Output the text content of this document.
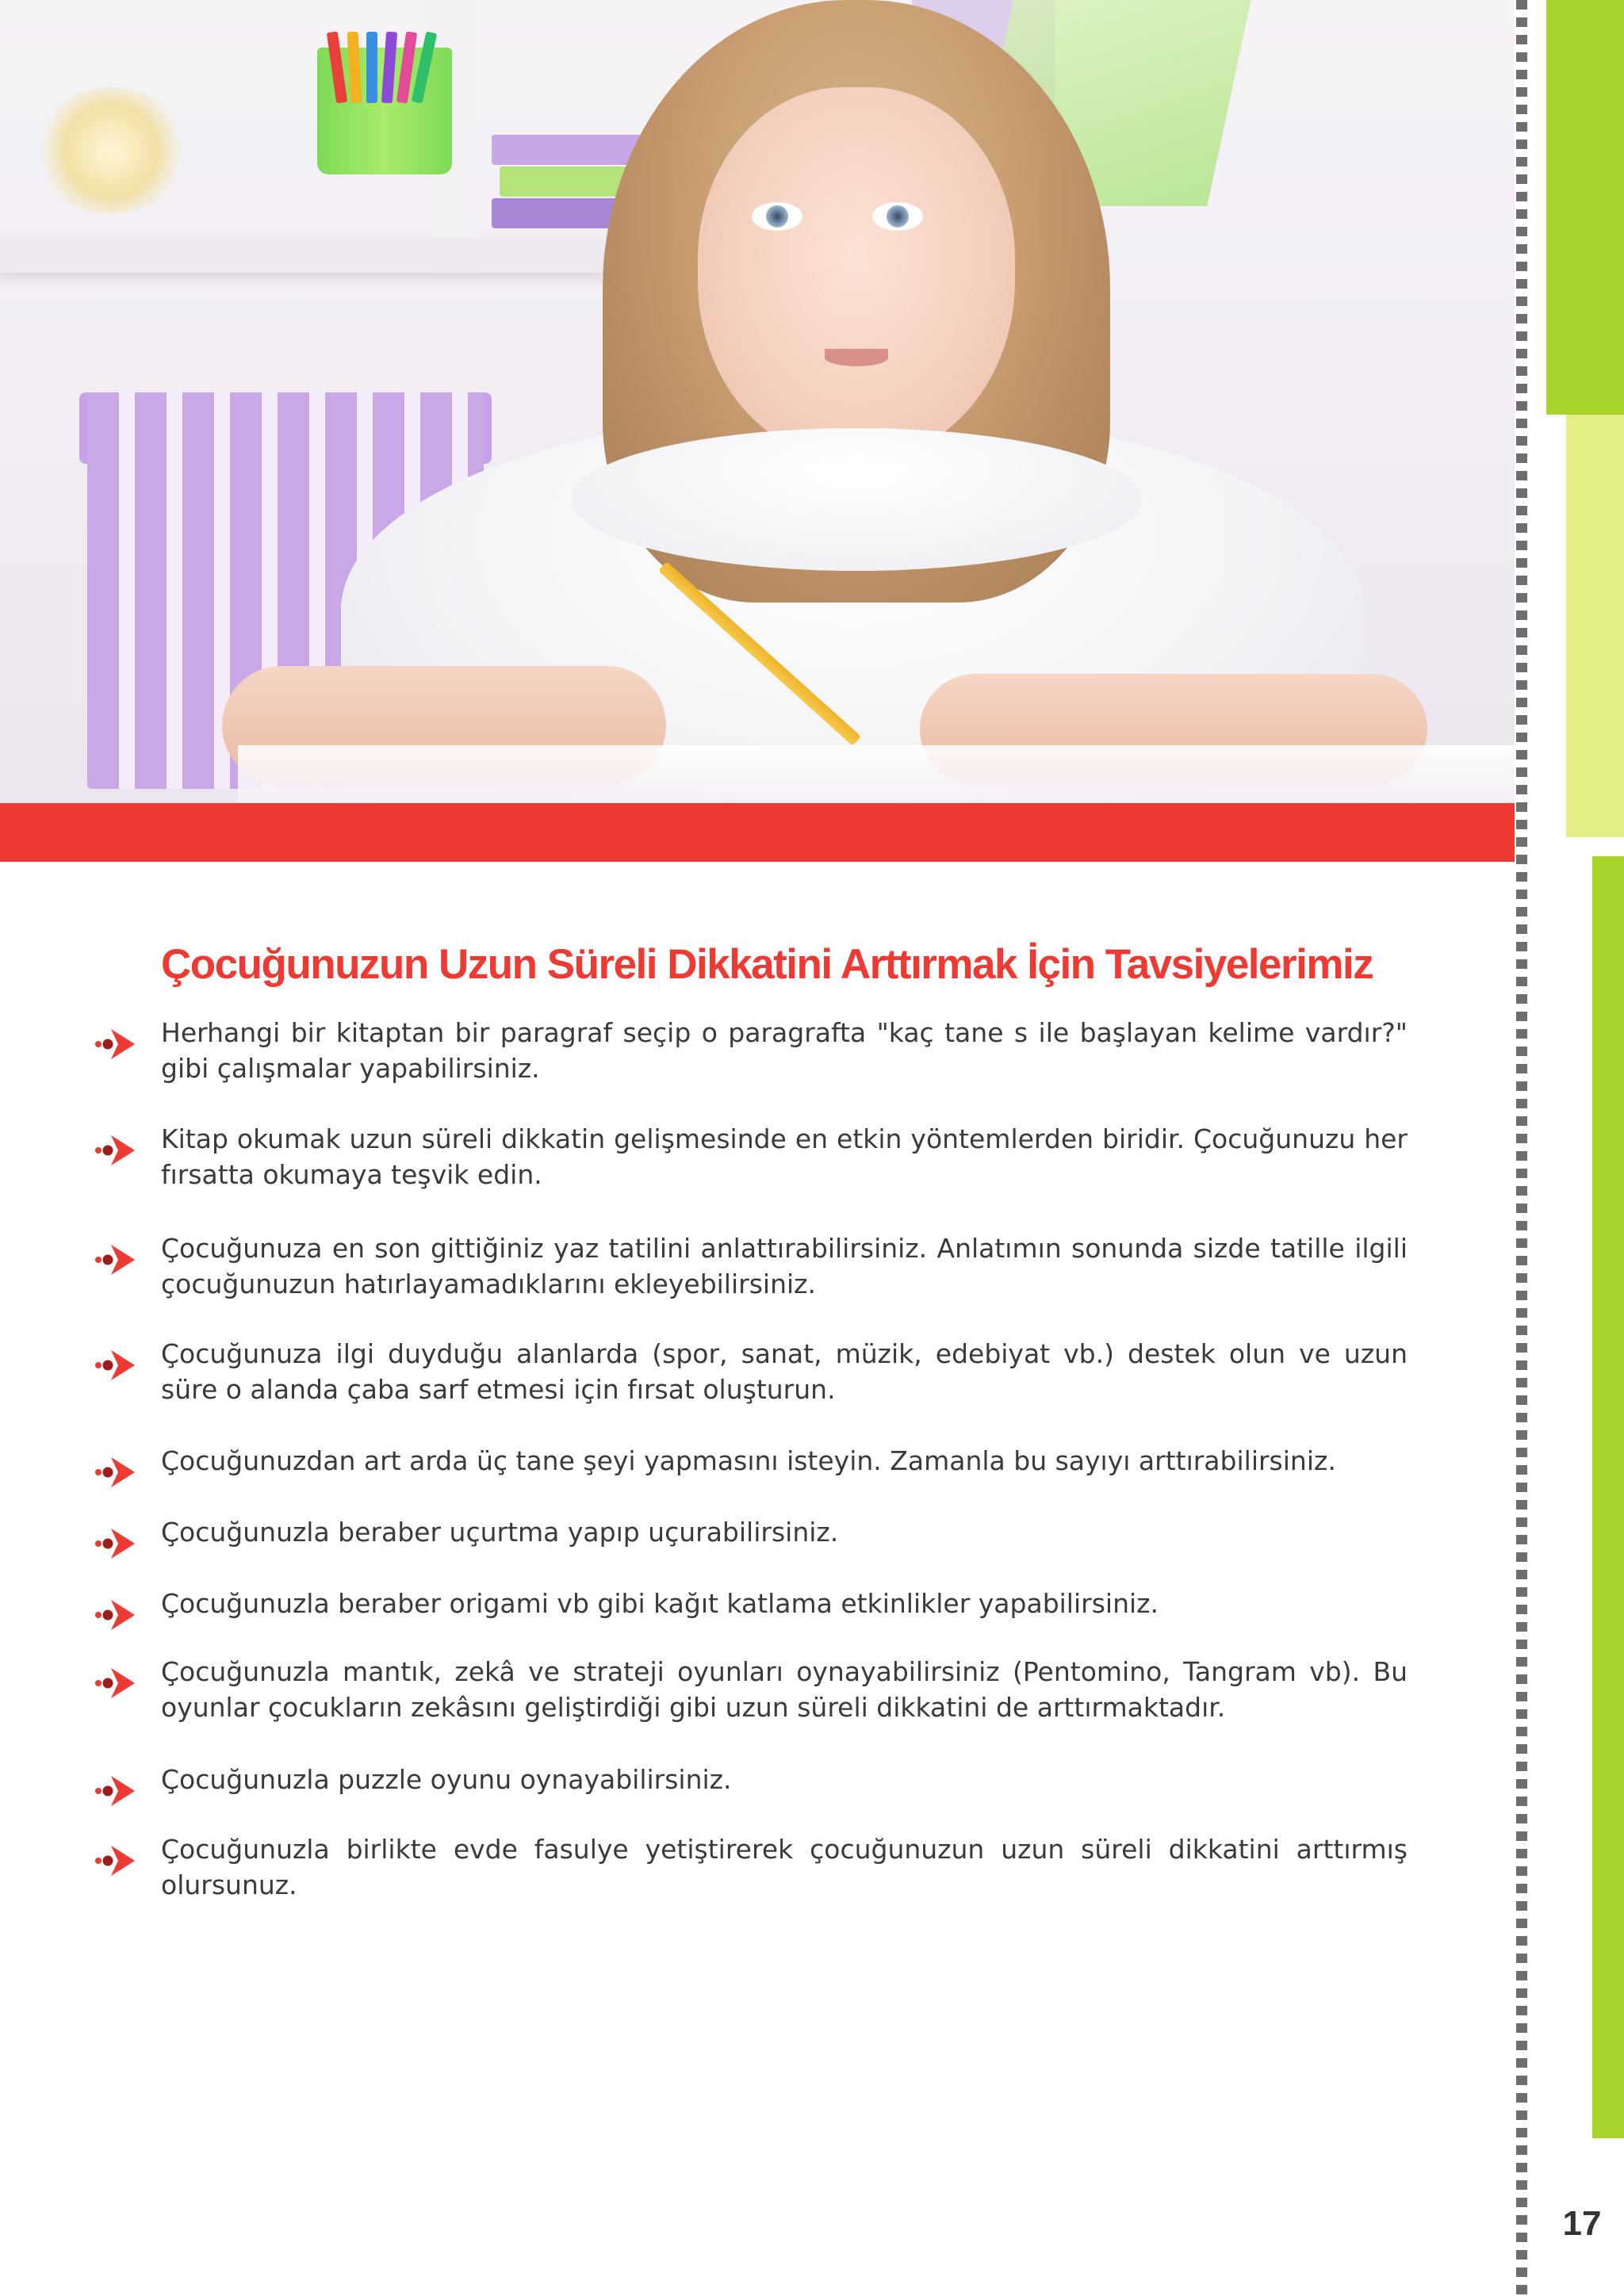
Çocuğunuzun Uzun Süreli Dikkatini Arttırmak İçin Tavsiyelerimiz

Herhangi bir kitaptan bir paragraf seçip o paragrafta "kaç tane s ile başlayan kelime vardır?" gibi çalışmalar yapabilirsiniz.

Kitap okumak uzun süreli dikkatin gelişmesinde en etkin yöntemlerden biridir. Çocuğunuzu her fırsatta okumaya teşvik edin.

Çocuğunuza en son gittiğiniz yaz tatilini anlattırabilirsiniz. Anlatımın sonunda sizde tatille ilgili çocuğunuzun hatırlayamadıklarını ekleyebilirsiniz.

Çocuğunuza ilgi duyduğu alanlarda (spor, sanat, müzik, edebiyat vb.) destek olun ve uzun süre o alanda çaba sarf etmesi için fırsat oluşturun.

Çocuğunuzdan art arda üç tane şeyi yapmasını isteyin. Zamanla bu sayıyı arttırabilirsiniz.

Çocuğunuzla beraber uçurtma yapıp uçurabilirsiniz.

Çocuğunuzla beraber origami vb gibi kağıt katlama etkinlikler yapabilirsiniz.

Çocuğunuzla mantık, zekâ ve strateji oyunları oynayabilirsiniz (Pentomino, Tangram vb). Bu oyunlar çocukların zekâsını geliştirdiği gibi uzun süreli dikkatini de arttırmaktadır.

Çocuğunuzla puzzle oyunu oynayabilirsiniz.

Çocuğunuzla birlikte evde fasulye yetiştirerek çocuğunuzun uzun süreli dikkatini arttırmış olursunuz.

17
